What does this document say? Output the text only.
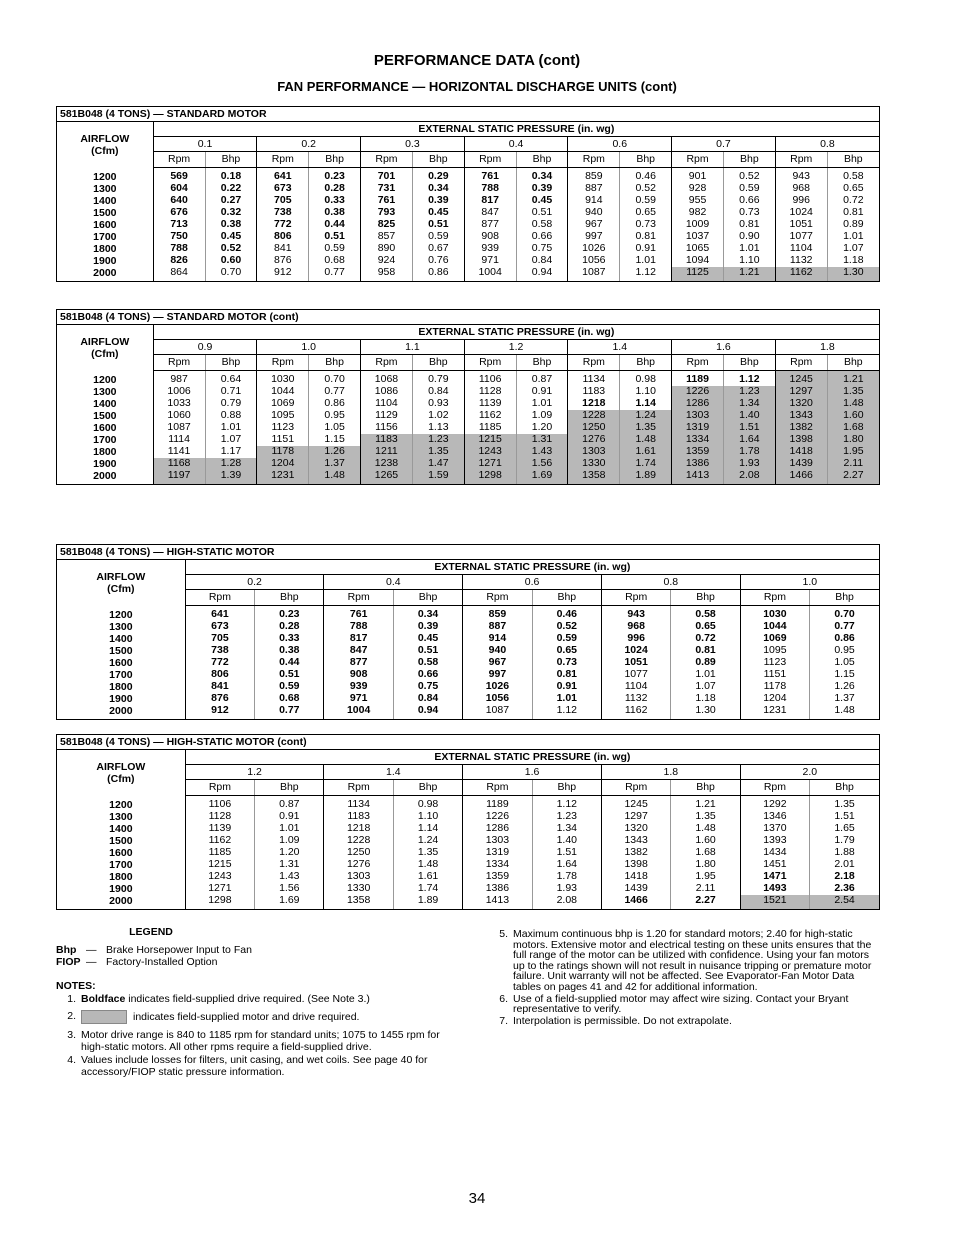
PERFORMANCE DATA (cont)
FAN PERFORMANCE — HORIZONTAL DISCHARGE UNITS (cont)
581B048 (4 TONS) — STANDARD MOTOR														

AIRFLOW
(Cfm)	EXTERNAL STATIC PRESSURE (in. wg)													
	0.1		0.2		0.3		0.4		0.6		0.7		0.8	
	Rpm	Bhp	Rpm	Bhp	Rpm	Bhp	Rpm	Bhp	Rpm	Bhp	Rpm	Bhp	Rpm	Bhp
1200	569	0.18	641	0.23	701	0.29	761	0.34	859	0.46	901	0.52	943	0.58
1300	604	0.22	673	0.28	731	0.34	788	0.39	887	0.52	928	0.59	968	0.65
1400	640	0.27	705	0.33	761	0.39	817	0.45	914	0.59	955	0.66	996	0.72
1500	676	0.32	738	0.38	793	0.45	847	0.51	940	0.65	982	0.73	1024	0.81
1600	713	0.38	772	0.44	825	0.51	877	0.58	967	0.73	1009	0.81	1051	0.89
1700	750	0.45	806	0.51	857	0.59	908	0.66	997	0.81	1037	0.90	1077	1.01
1800	788	0.52	841	0.59	890	0.67	939	0.75	1026	0.91	1065	1.01	1104	1.07
1900	826	0.60	876	0.68	924	0.76	971	0.84	1056	1.01	1094	1.10	1132	1.18
2000	864	0.70	912	0.77	958	0.86	1004	0.94	1087	1.12	1125	1.21	1162	1.30
581B048 (4 TONS) — STANDARD MOTOR (cont)														

AIRFLOW
(Cfm)	EXTERNAL STATIC PRESSURE (in. wg)													
	0.9		1.0		1.1		1.2		1.4		1.6		1.8	
	Rpm	Bhp	Rpm	Bhp	Rpm	Bhp	Rpm	Bhp	Rpm	Bhp	Rpm	Bhp	Rpm	Bhp
1200	987	0.64	1030	0.70	1068	0.79	1106	0.87	1134	0.98	1189	1.12	1245	1.21
1300	1006	0.71	1044	0.77	1086	0.84	1128	0.91	1183	1.10	1226	1.23	1297	1.35
1400	1033	0.79	1069	0.86	1104	0.93	1139	1.01	1218	1.14	1286	1.34	1320	1.48
1500	1060	0.88	1095	0.95	1129	1.02	1162	1.09	1228	1.24	1303	1.40	1343	1.60
1600	1087	1.01	1123	1.05	1156	1.13	1185	1.20	1250	1.35	1319	1.51	1382	1.68
1700	1114	1.07	1151	1.15	1183	1.23	1215	1.31	1276	1.48	1334	1.64	1398	1.80
1800	1141	1.17	1178	1.26	1211	1.35	1243	1.43	1303	1.61	1359	1.78	1418	1.95
1900	1168	1.28	1204	1.37	1238	1.47	1271	1.56	1330	1.74	1386	1.93	1439	2.11
2000	1197	1.39	1231	1.48	1265	1.59	1298	1.69	1358	1.89	1413	2.08	1466	2.27
581B048 (4 TONS) — HIGH-STATIC MOTOR										

AIRFLOW
(Cfm)	EXTERNAL STATIC PRESSURE (in. wg)									
	0.2		0.4		0.6		0.8		1.0	
	Rpm	Bhp	Rpm	Bhp	Rpm	Bhp	Rpm	Bhp	Rpm	Bhp
1200	641	0.23	761	0.34	859	0.46	943	0.58	1030	0.70
1300	673	0.28	788	0.39	887	0.52	968	0.65	1044	0.77
1400	705	0.33	817	0.45	914	0.59	996	0.72	1069	0.86
1500	738	0.38	847	0.51	940	0.65	1024	0.81	1095	0.95
1600	772	0.44	877	0.58	967	0.73	1051	0.89	1123	1.05
1700	806	0.51	908	0.66	997	0.81	1077	1.01	1151	1.15
1800	841	0.59	939	0.75	1026	0.91	1104	1.07	1178	1.26
1900	876	0.68	971	0.84	1056	1.01	1132	1.18	1204	1.37
2000	912	0.77	1004	0.94	1087	1.12	1162	1.30	1231	1.48
581B048 (4 TONS) — HIGH-STATIC MOTOR (cont)										

AIRFLOW
(Cfm)	EXTERNAL STATIC PRESSURE (in. wg)									
	1.2		1.4		1.6		1.8		2.0	
	Rpm	Bhp	Rpm	Bhp	Rpm	Bhp	Rpm	Bhp	Rpm	Bhp
1200	1106	0.87	1134	0.98	1189	1.12	1245	1.21	1292	1.35
1300	1128	0.91	1183	1.10	1226	1.23	1297	1.35	1346	1.51
1400	1139	1.01	1218	1.14	1286	1.34	1320	1.48	1370	1.65
1500	1162	1.09	1228	1.24	1303	1.40	1343	1.60	1393	1.79
1600	1185	1.20	1250	1.35	1319	1.51	1382	1.68	1434	1.88
1700	1215	1.31	1276	1.48	1334	1.64	1398	1.80	1451	2.01
1800	1243	1.43	1303	1.61	1359	1.78	1418	1.95	1471	2.18
1900	1271	1.56	1330	1.74	1386	1.93	1439	2.11	1493	2.36
2000	1298	1.69	1358	1.89	1413	2.08	1466	2.27	1521	2.54
LEGEND
Bhp — Brake Horsepower Input to Fan
FIOP — Factory-Installed Option
NOTES:
1. Boldface indicates field-supplied drive required. (See Note 3.)
2.	indicates field-supplied motor and drive required.
3. Motor drive range is 840 to 1185 rpm for standard units; 1075 to 1455 rpm for high-static motors. All other rpms require a field-supplied drive.
4. Values include losses for filters, unit casing, and wet coils. See page 40 for accessory/FIOP static pressure information.
5. Maximum continuous bhp is 1.20 for standard motors; 2.40 for high-static motors. Extensive motor and electrical testing on these units ensures that the full range of the motor can be utilized with confidence. Using your fan motors up to the ratings shown will not result in nuisance tripping or premature motor failure. Unit warranty will not be affected. See Evaporator-Fan Motor Data tables on pages 41 and 42 for additional information.
6. Use of a field-supplied motor may affect wire sizing. Contact your Bryant representative to verify.
7. Interpolation is permissible. Do not extrapolate.
34
